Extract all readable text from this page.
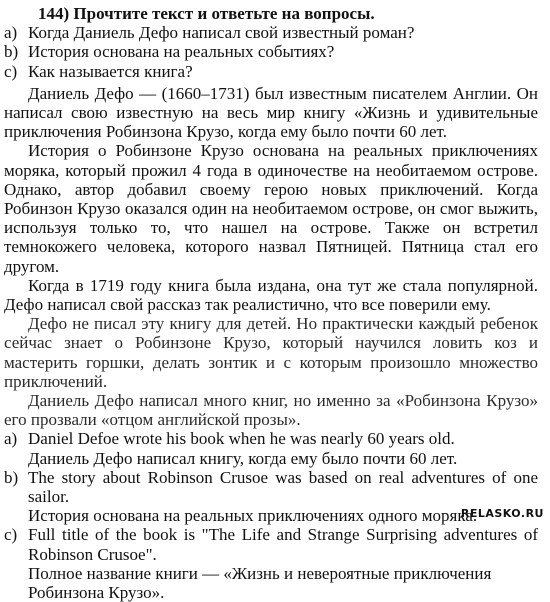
144) Прочтите текст и ответьте на вопросы.

a) Когда Даниель Дефо написал свой известный роман?

b) История основана на реальных событиях?

c) Как называется книга?

Даниель Дефо — (1660–1731) был известным писателем Англии. Он написал свою известную на весь мир книгу «Жизнь и удивительные приключения Робинзона Крузо, когда ему было почти 60 лет.

История о Робинзоне Крузо основана на реальных приключениях моряка, который прожил 4 года в одиночестве на необитаемом острове. Однако, автор добавил своему герою новых приключений. Когда Робинзон Крузо оказался один на необитаемом острове, он смог выжить, используя только то, что нашел на острове. Также он встретил темнокожего человека, которого назвал Пятницей. Пятница стал его другом.

Когда в 1719 году книга была издана, она тут же стала популярной. Дефо написал свой рассказ так реалистично, что все поверили ему.

Дефо не писал эту книгу для детей. Но практически каждый ребенок сейчас знает о Робинзоне Крузо, который научился ловить коз и мастерить горшки, делать зонтик и с которым произошло множество приключений.

Даниель Дефо написал много книг, но именно за «Робинзона Крузо» его прозвали «отцом английской прозы».

a) Daniel Defoe wrote his book when he was nearly 60 years old.
Даниель Дефо написал книгу, когда ему было почти 60 лет.
b) The story about Robinson Crusoe was based on real adventures of one sailor.
История основана на реальных приключениях одного моряка.
c) Full title of the book is "The Life and Strange Surprising adventures of Robinson Crusoe".
Полное название книги — «Жизнь и невероятные приключения Робинзона Крузо».
RELASKO.RU
